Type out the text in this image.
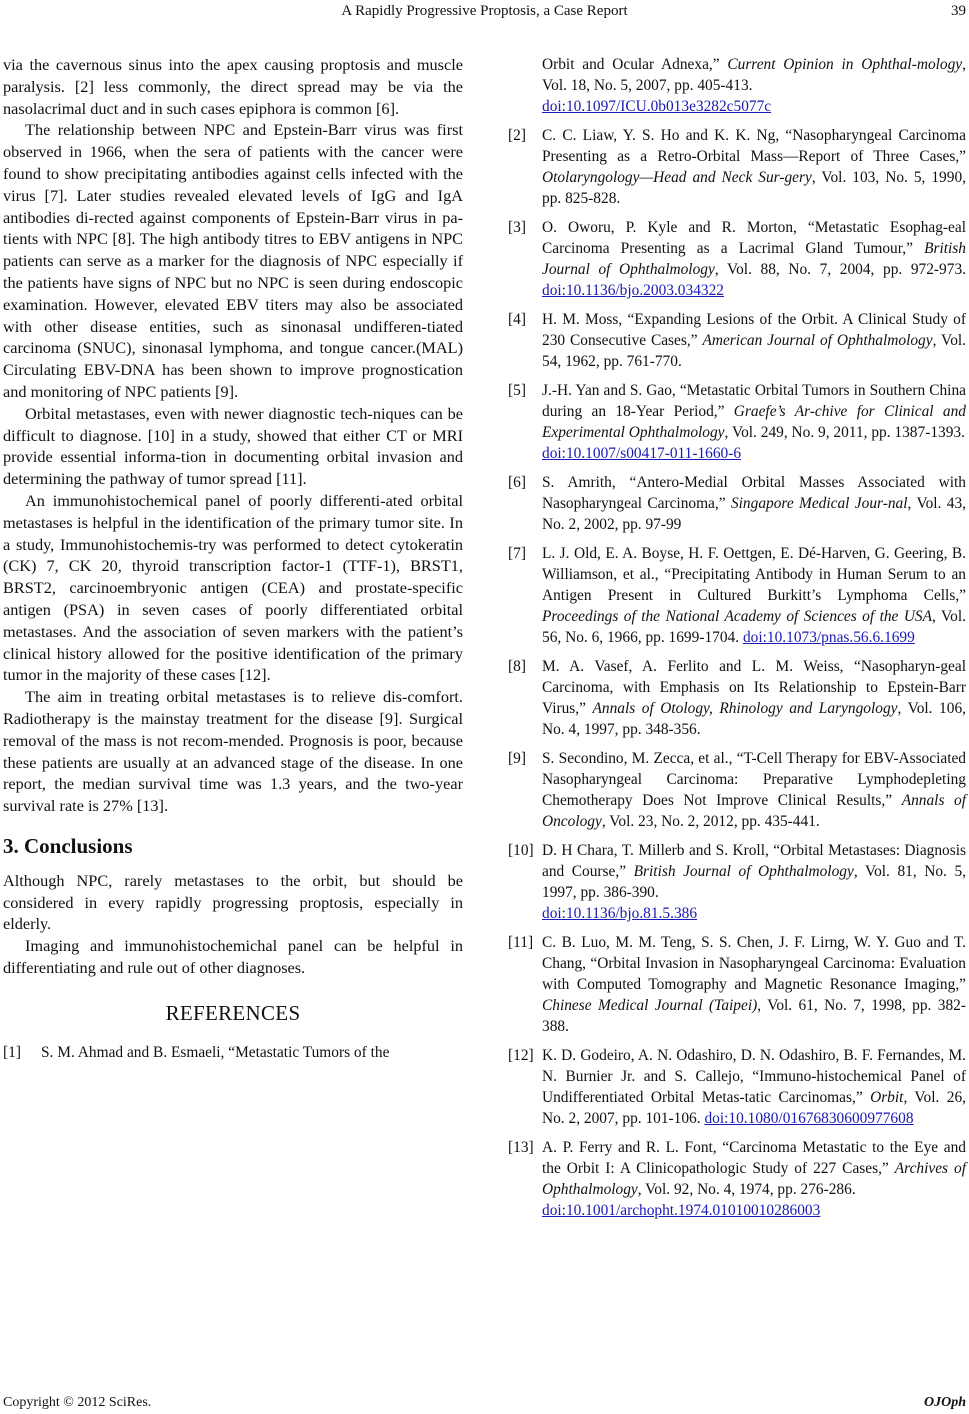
A Rapidly Progressive Proptosis, a Case Report	39

via the cavernous sinus into the apex causing proptosis and muscle paralysis. [2] less commonly, the direct spread may be via the nasolacrimal duct and in such cases epiphora is common [6].

The relationship between NPC and Epstein-Barr virus was first observed in 1966, when the sera of patients with the cancer were found to show precipitating antibodies against cells infected with the virus [7]. Later studies revealed elevated levels of IgG and IgA antibodies di-rected against components of Epstein-Barr virus in pa-tients with NPC [8]. The high antibody titres to EBV antigens in NPC patients can serve as a marker for the diagnosis of NPC especially if the patients have signs of NPC but no NPC is seen during endoscopic examination. However, elevated EBV titers may also be associated with other disease entities, such as sinonasal undifferen-tiated carcinoma (SNUC), sinonasal lymphoma, and tongue cancer.(MAL) Circulating EBV-DNA has been shown to improve prognostication and monitoring of NPC patients [9].

Orbital metastases, even with newer diagnostic tech-niques can be difficult to diagnose. [10] in a study, showed that either CT or MRI provide essential informa-tion in documenting orbital invasion and determining the pathway of tumor spread [11].

An immunohistochemical panel of poorly differenti-ated orbital metastases is helpful in the identification of the primary tumor site. In a study, Immunohistochemis-try was performed to detect cytokeratin (CK) 7, CK 20, thyroid transcription factor-1 (TTF-1), BRST1, BRST2, carcinoembryonic antigen (CEA) and prostate-specific antigen (PSA) in seven cases of poorly differentiated orbital metastases. And the association of seven markers with the patient’s clinical history allowed for the positive identification of the primary tumor in the majority of these cases [12].

The aim in treating orbital metastases is to relieve dis-comfort. Radiotherapy is the mainstay treatment for the disease [9]. Surgical removal of the mass is not recom-mended. Prognosis is poor, because these patients are usually at an advanced stage of the disease. In one report, the median survival time was 1.3 years, and the two-year survival rate is 27% [13].

3. Conclusions

Although NPC, rarely metastases to the orbit, but should be considered in every rapidly progressing proptosis, especially in elderly.

Imaging and immunohistochemichal panel can be helpful in differentiating and rule out of other diagnoses.

REFERENCES
[1]	S. M. Ahmad and B. Esmaeli, “Metastatic Tumors of the
Orbit and Ocular Adnexa,” Current Opinion in Ophthal-mology, Vol. 18, No. 5, 2007, pp. 405-413.
doi:10.1097/ICU.0b013e3282c5077c
[2]	C. C. Liaw, Y. S. Ho and K. K. Ng, “Nasopharyngeal Carcinoma Presenting as a Retro-Orbital Mass—Report of Three Cases,” Otolaryngology—Head and Neck Sur-gery, Vol. 103, No. 5, 1990, pp. 825-828.
[3]	O. Oworu, P. Kyle and R. Morton, “Metastatic Esophag-eal Carcinoma Presenting as a Lacrimal Gland Tumour,” British Journal of Ophthalmology, Vol. 88, No. 7, 2004, pp. 972-973. doi:10.1136/bjo.2003.034322
[4]	H. M. Moss, “Expanding Lesions of the Orbit. A Clinical Study of 230 Consecutive Cases,” American Journal of Ophthalmology, Vol. 54, 1962, pp. 761-770.
[5]	J.-H. Yan and S. Gao, “Metastatic Orbital Tumors in Southern China during an 18-Year Period,” Graefe’s Ar-chive for Clinical and Experimental Ophthalmology, Vol. 249, No. 9, 2011, pp. 1387-1393.
doi:10.1007/s00417-011-1660-6
[6]	S. Amrith, “Antero-Medial Orbital Masses Associated with Nasopharyngeal Carcinoma,” Singapore Medical Jour-nal, Vol. 43, No. 2, 2002, pp. 97-99
[7]	L. J. Old, E. A. Boyse, H. F. Oettgen, E. Dé-Harven, G. Geering, B. Williamson, et al., “Precipitating Antibody in Human Serum to an Antigen Present in Cultured Burkitt’s Lymphoma Cells,” Proceedings of the National Academy of Sciences of the USA, Vol. 56, No. 6, 1966, pp. 1699-1704. doi:10.1073/pnas.56.6.1699
[8]	M. A. Vasef, A. Ferlito and L. M. Weiss, “Nasopharyn-geal Carcinoma, with Emphasis on Its Relationship to Epstein-Barr Virus,” Annals of Otology, Rhinology and Laryngology, Vol. 106, No. 4, 1997, pp. 348-356.
[9]	S. Secondino, M. Zecca, et al., “T-Cell Therapy for EBV-Associated Nasopharyngeal Carcinoma: Preparative Lymphodepleting Chemotherapy Does Not Improve Clinical Results,” Annals of Oncology, Vol. 23, No. 2, 2012, pp. 435-441.
[10] D. H Chara, T. Millerb and S. Kroll, “Orbital Metastases: Diagnosis and Course,” British Journal of Ophthalmology, Vol. 81, No. 5, 1997, pp. 386-390.
doi:10.1136/bjo.81.5.386
[11] C. B. Luo, M. M. Teng, S. S. Chen, J. F. Lirng, W. Y. Guo and T. Chang, “Orbital Invasion in Nasopharyngeal Carcinoma: Evaluation with Computed Tomography and Magnetic Resonance Imaging,” Chinese Medical Journal (Taipei), Vol. 61, No. 7, 1998, pp. 382-388.
[12] K. D. Godeiro, A. N. Odashiro, D. N. Odashiro, B. F. Fernandes, M. N. Burnier Jr. and S. Callejo, “Immuno-histochemical Panel of Undifferentiated Orbital Metas-tatic Carcinomas,” Orbit, Vol. 26, No. 2, 2007, pp. 101-106. doi:10.1080/01676830600977608
[13] A. P. Ferry and R. L. Font, “Carcinoma Metastatic to the Eye and the Orbit I: A Clinicopathologic Study of 227 Cases,” Archives of Ophthalmology, Vol. 92, No. 4, 1974, pp. 276-286.
doi:10.1001/archopht.1974.01010010286003
Copyright © 2012 SciRes.	OJOph
